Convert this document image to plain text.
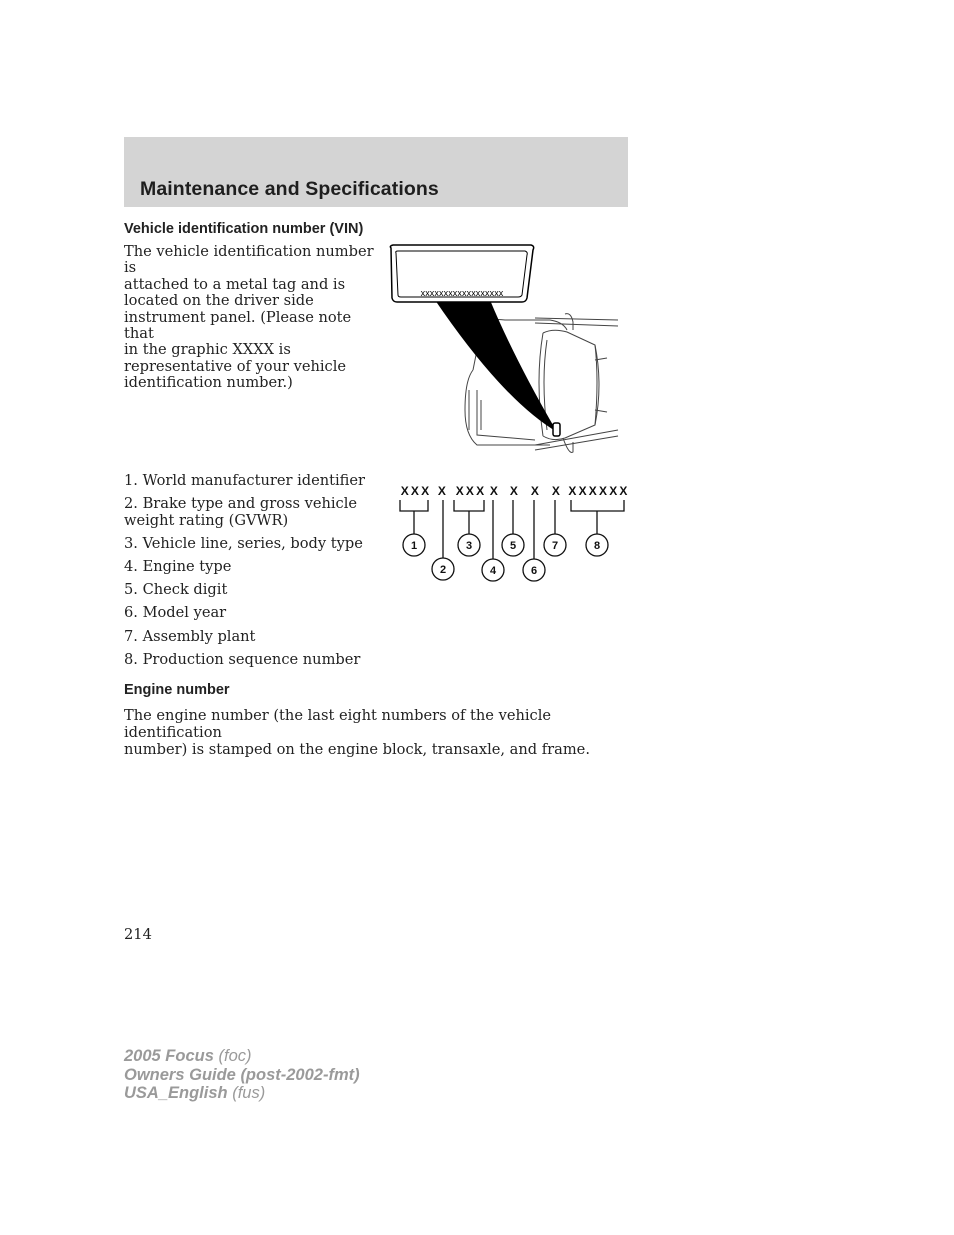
Maintenance and Specifications
Vehicle identification number (VIN)
The vehicle identification number is
attached to a metal tag and is
located on the driver side
instrument panel. (Please note that
in the graphic XXXX is
representative of your vehicle
identification number.)
xxxxxxxxxxxxxxxxxx
1. World manufacturer identifier
2. Brake type and gross vehicle weight rating (GVWR)
3. Vehicle line, series, body type
4. Engine type
5. Check digit
6. Model year
7. Assembly plant
8. Production sequence number
XXX X XXX X X X X XXXXXX
1
2
3
4
5
6
7	8
Engine number
The engine number (the last eight numbers of the vehicle identification
number) is stamped on the engine block, transaxle, and frame.

214

2005 Focus (foc)
Owners Guide (post-2002-fmt)
USA_English (fus)
